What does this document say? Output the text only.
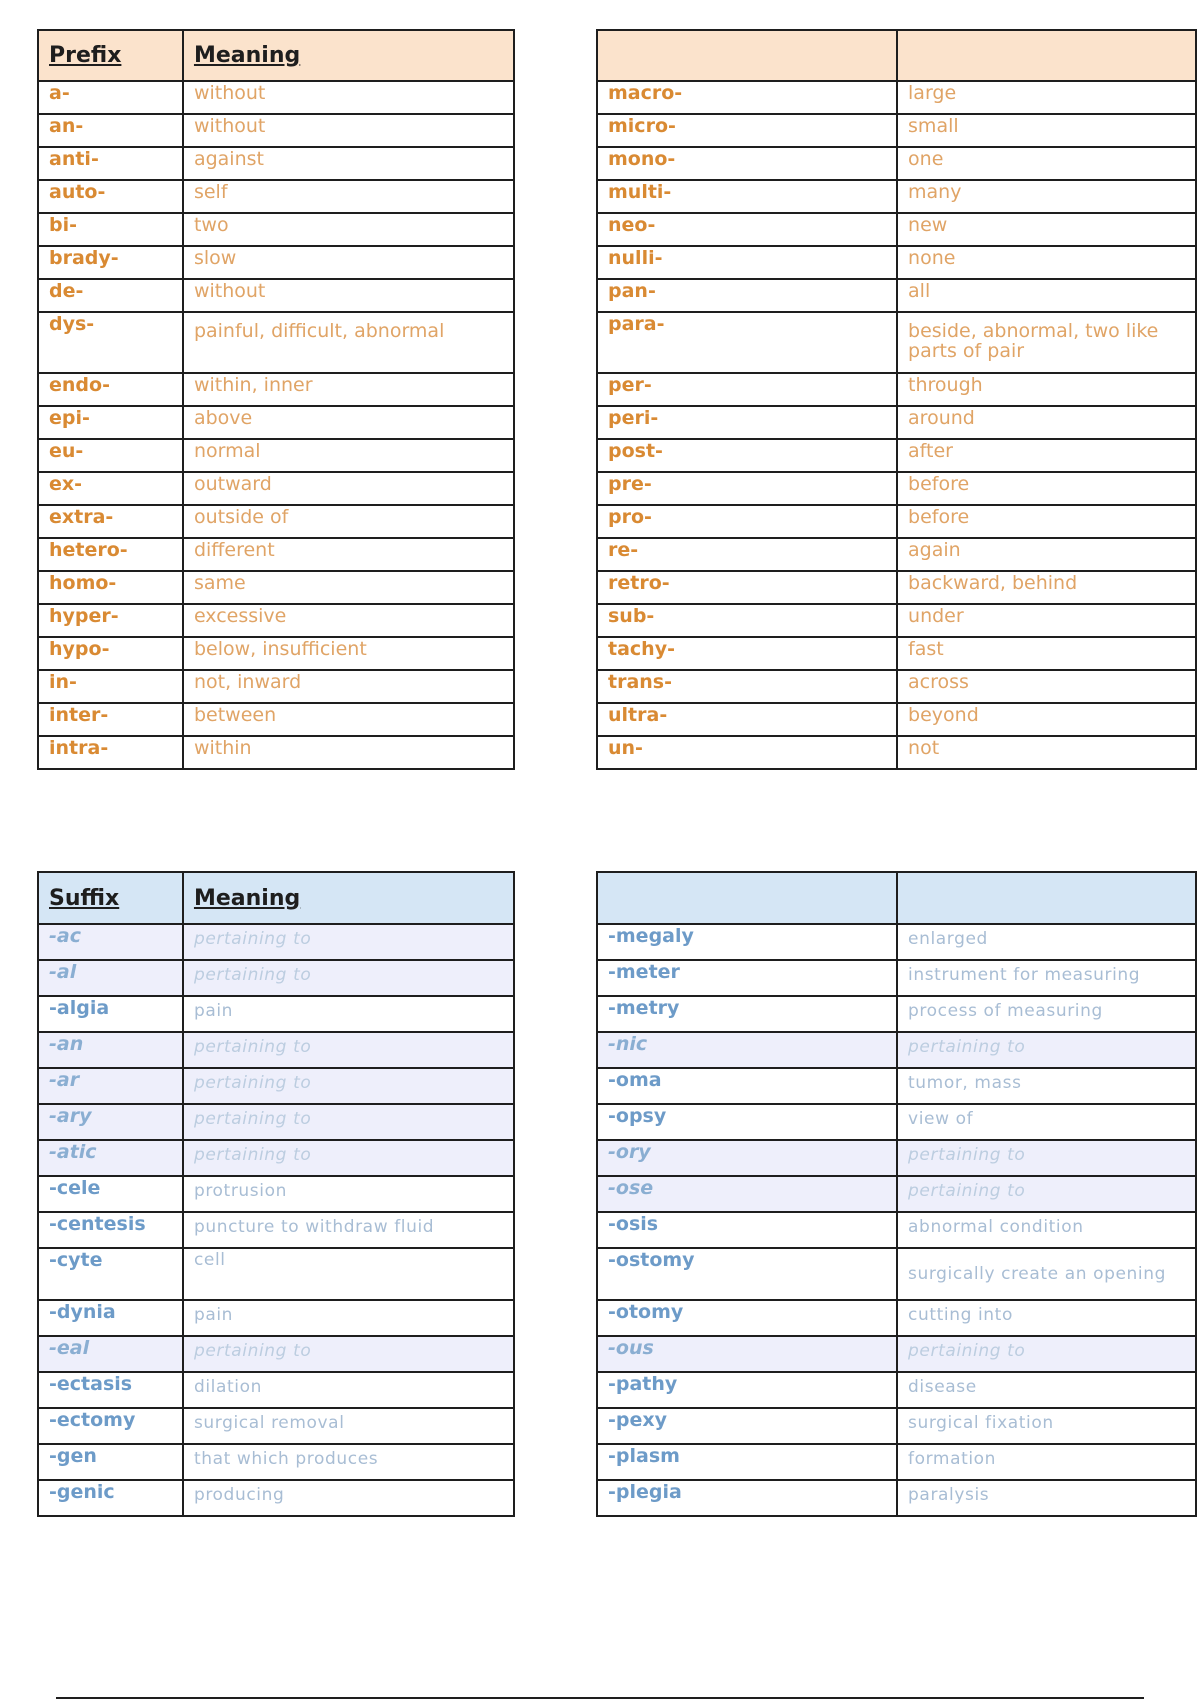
Prefix	Meaning
a-	without
an-	without
anti-	against
auto-	self
bi-	two
brady-	slow
de-	without
dys-	painful, difficult, abnormal
endo-	within, inner
epi-	above
eu-	normal
ex-	outward
extra-	outside of
hetero-	different
homo-	same
hyper-	excessive
hypo-	below, insufficient
in-	not, inward
inter-	between
intra-	within

macro-	large
micro-	small
mono-	one
multi-	many
neo-	new
nulli-	none
pan-	all
para-	beside, abnormal, two like parts of pair
per-	through
peri-	around
post-	after
pre-	before
pro-	before
re-	again
retro-	backward, behind
sub-	under
tachy-	fast
trans-	across
ultra-	beyond
un-	not
Suffix	Meaning
-ac	pertaining to
-al	pertaining to
-algia	pain
-an	pertaining to
-ar	pertaining to
-ary	pertaining to
-atic	pertaining to
-cele	protrusion
-centesis	puncture to withdraw fluid
-cyte	cell
-dynia	pain
-eal	pertaining to
-ectasis	dilation
-ectomy	surgical removal
-gen	that which produces
-genic	producing

-megaly	enlarged
-meter	instrument for measuring
-metry	process of measuring
-nic	pertaining to
-oma	tumor, mass
-opsy	view of
-ory	pertaining to
-ose	pertaining to
-osis	abnormal condition
-ostomy	surgically create an opening
-otomy	cutting into
-ous	pertaining to
-pathy	disease
-pexy	surgical fixation
-plasm	formation
-plegia	paralysis
